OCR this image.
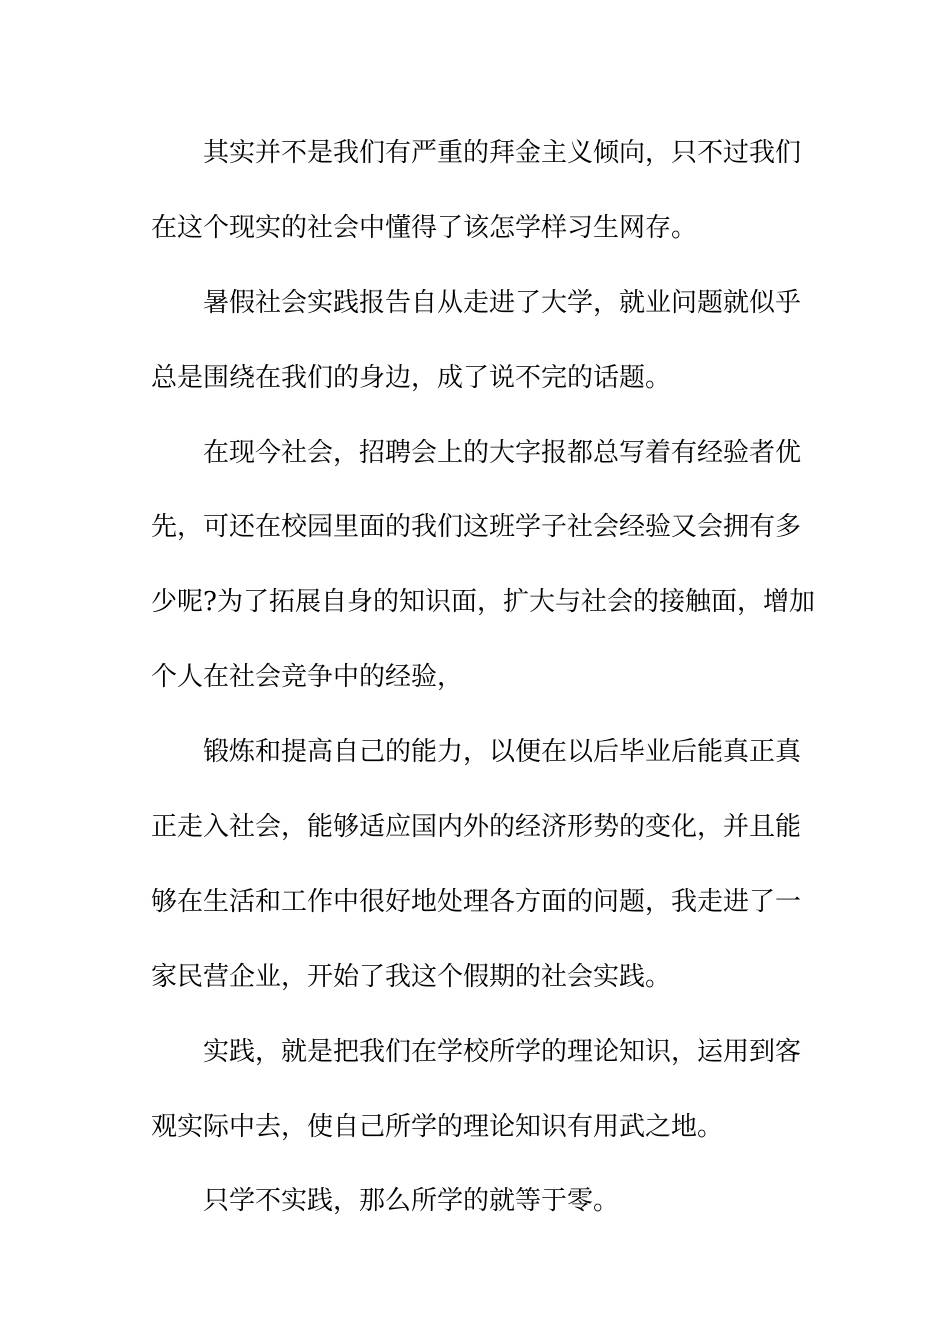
其实并不是我们有严重的拜金主义倾向，只不过我们
在这个现实的社会中懂得了该怎学样习生网存。
暑假社会实践报告自从走进了大学，就业问题就似乎
总是围绕在我们的身边，成了说不完的话题。
在现今社会，招聘会上的大字报都总写着有经验者优
先，可还在校园里面的我们这班学子社会经验又会拥有多
少呢?为了拓展自身的知识面，扩大与社会的接触面，增加
个人在社会竞争中的经验，
锻炼和提高自己的能力，以便在以后毕业后能真正真
正走入社会，能够适应国内外的经济形势的变化，并且能
够在生活和工作中很好地处理各方面的问题，我走进了一
家民营企业，开始了我这个假期的社会实践。
实践，就是把我们在学校所学的理论知识，运用到客
观实际中去，使自己所学的理论知识有用武之地。
只学不实践，那么所学的就等于零。
